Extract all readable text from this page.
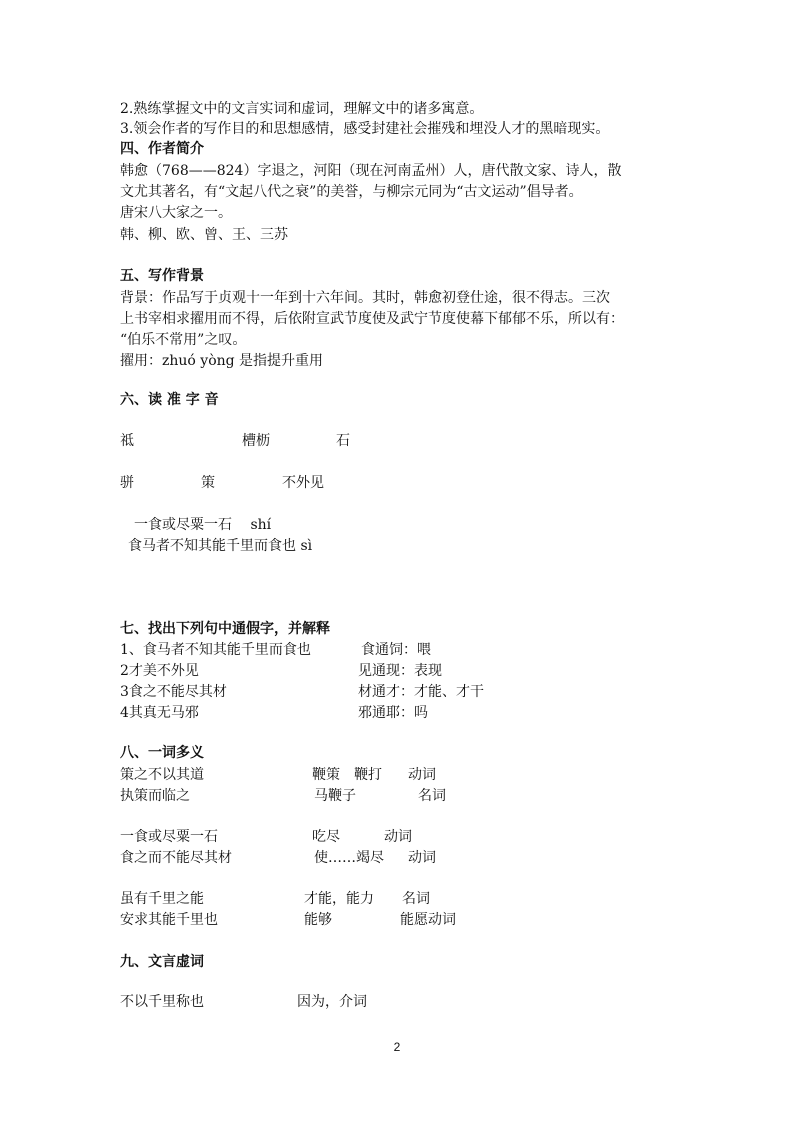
2.熟练掌握文中的文言实词和虚词，理解文中的诸多寓意。
3.领会作者的写作目的和思想感情，感受封建社会摧残和埋没人才的黑暗现实。
四、作者简介
韩愈（768——824）字退之，河阳（现在河南孟州）人，唐代散文家、诗人，散
文尤其著名，有“文起八代之衰”的美誉，与柳宗元同为“古文运动”倡导者。
唐宋八大家之一。
韩、柳、欧、曾、王、三苏
五、写作背景
背景：作品写于贞观十一年到十六年间。其时，韩愈初登仕途，很不得志。三次
上书宰相求擢用而不得，后依附宣武节度使及武宁节度使幕下郁郁不乐，所以有：
“伯乐不常用”之叹。
擢用：zhuó yòng 是指提升重用
六、读 准 字 音
祗	槽枥	石
骈	策	不外见
一食或尽粟一石　 shí
食马者不知其能千里而食也 sì
七、找出下列句中通假字，并解释
1、食马者不知其能千里而食也	食通饲：喂
2才美不外见	见通现：表现
3食之不能尽其材	材通才：才能、才干
4其真无马邪	邪通耶：吗
八、一词多义
策之不以其道	鞭策　鞭打 动词
执策而临之	马鞭子	名词
一食或尽粟一石	吃尽	动词
食之而不能尽其材	使……竭尽 动词
虽有千里之能	才能，能力 名词
安求其能千里也	能够	能愿动词
九、文言虚词
不以千里称也	因为，介词
2
